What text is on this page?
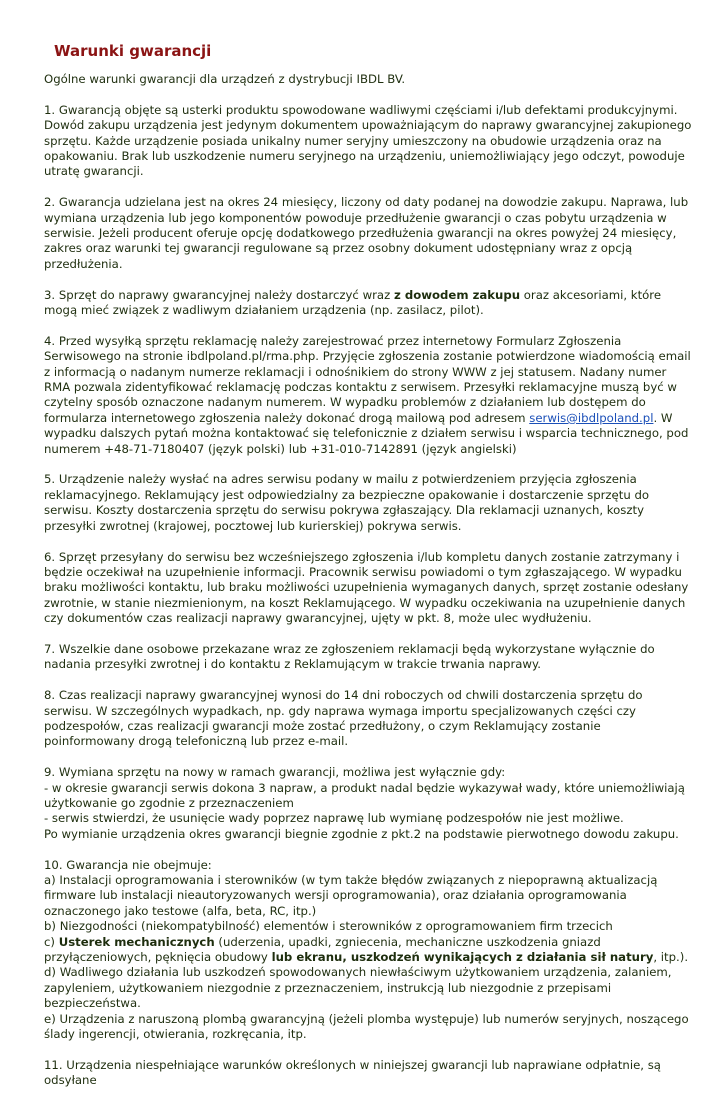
Warunki gwarancji

Ogólne warunki gwarancji dla urządzeń z dystrybucji IBDL BV.

1. Gwarancją objęte są usterki produktu spowodowane wadliwymi częściami i/lub defektami produkcyjnymi. Dowód zakupu urządzenia jest jedynym dokumentem upoważniającym do naprawy gwarancyjnej zakupionego sprzętu. Każde urządzenie posiada unikalny numer seryjny umieszczony na obudowie urządzenia oraz na opakowaniu. Brak lub uszkodzenie numeru seryjnego na urządzeniu, uniemożliwiający jego odczyt, powoduje utratę gwarancji.

2. Gwarancja udzielana jest na okres 24 miesięcy, liczony od daty podanej na dowodzie zakupu. Naprawa, lub wymiana urządzenia lub jego komponentów powoduje przedłużenie gwarancji o czas pobytu urządzenia w serwisie. Jeżeli producent oferuje opcję dodatkowego przedłużenia gwarancji na okres powyżej 24 miesięcy, zakres oraz warunki tej gwarancji regulowane są przez osobny dokument udostępniany wraz z opcją przedłużenia.

3. Sprzęt do naprawy gwarancyjnej należy dostarczyć wraz z dowodem zakupu oraz akcesoriami, które mogą mieć związek z wadliwym działaniem urządzenia (np. zasilacz, pilot).

4. Przed wysyłką sprzętu reklamację należy zarejestrować przez internetowy Formularz Zgłoszenia Serwisowego na stronie ibdlpoland.pl/rma.php. Przyjęcie zgłoszenia zostanie potwierdzone wiadomością email z informacją o nadanym numerze reklamacji i odnośnikiem do strony WWW z jej statusem. Nadany numer RMA pozwala zidentyfikować reklamację podczas kontaktu z serwisem. Przesyłki reklamacyjne muszą być w czytelny sposób oznaczone nadanym numerem. W wypadku problemów z działaniem lub dostępem do formularza internetowego zgłoszenia należy dokonać drogą mailową pod adresem serwis@ibdlpoland.pl. W wypadku dalszych pytań można kontaktować się telefonicznie z działem serwisu i wsparcia technicznego, pod numerem +48-71-7180407 (język polski) lub +31-010-7142891 (język angielski)

5. Urządzenie należy wysłać na adres serwisu podany w mailu z potwierdzeniem przyjęcia zgłoszenia reklamacyjnego. Reklamujący jest odpowiedzialny za bezpieczne opakowanie i dostarczenie sprzętu do serwisu. Koszty dostarczenia sprzętu do serwisu pokrywa zgłaszający. Dla reklamacji uznanych, koszty przesyłki zwrotnej (krajowej, pocztowej lub kurierskiej) pokrywa serwis.

6. Sprzęt przesyłany do serwisu bez wcześniejszego zgłoszenia i/lub kompletu danych zostanie zatrzymany i będzie oczekiwał na uzupełnienie informacji. Pracownik serwisu powiadomi o tym zgłaszającego. W wypadku braku możliwości kontaktu, lub braku możliwości uzupełnienia wymaganych danych, sprzęt zostanie odesłany zwrotnie, w stanie niezmienionym, na koszt Reklamującego. W wypadku oczekiwania na uzupełnienie danych czy dokumentów czas realizacji naprawy gwarancyjnej, ujęty w pkt. 8, może ulec wydłużeniu.

7. Wszelkie dane osobowe przekazane wraz ze zgłoszeniem reklamacji będą wykorzystane wyłącznie do nadania przesyłki zwrotnej i do kontaktu z Reklamującym w trakcie trwania naprawy.

8. Czas realizacji naprawy gwarancyjnej wynosi do 14 dni roboczych od chwili dostarczenia sprzętu do serwisu. W szczególnych wypadkach, np. gdy naprawa wymaga importu specjalizowanych części czy podzespołów, czas realizacji gwarancji może zostać przedłużony, o czym Reklamujący zostanie poinformowany drogą telefoniczną lub przez e-mail.

9. Wymiana sprzętu na nowy w ramach gwarancji, możliwa jest wyłącznie gdy:
- w okresie gwarancji serwis dokona 3 napraw, a produkt nadal będzie wykazywał wady, które uniemożliwiają użytkowanie go zgodnie z przeznaczeniem
- serwis stwierdzi, że usunięcie wady poprzez naprawę lub wymianę podzespołów nie jest możliwe.
Po wymianie urządzenia okres gwarancji biegnie zgodnie z pkt.2 na podstawie pierwotnego dowodu zakupu.

10. Gwarancja nie obejmuje:
a) Instalacji oprogramowania i sterowników (w tym także błędów związanych z niepoprawną aktualizacją firmware lub instalacji nieautoryzowanych wersji oprogramowania), oraz działania oprogramowania oznaczonego jako testowe (alfa, beta, RC, itp.)
b) Niezgodności (niekompatybilność) elementów i sterowników z oprogramowaniem firm trzecich
c) Usterek mechanicznych (uderzenia, upadki, zgniecenia, mechaniczne uszkodzenia gniazd przyłączeniowych, pęknięcia obudowy lub ekranu, uszkodzeń wynikających z działania sił natury, itp.).
d) Wadliwego działania lub uszkodzeń spowodowanych niewłaściwym użytkowaniem urządzenia, zalaniem, zapyleniem, użytkowaniem niezgodnie z przeznaczeniem, instrukcją lub niezgodnie z przepisami bezpieczeństwa.
e) Urządzenia z naruszoną plombą gwarancyjną (jeżeli plomba występuje) lub numerów seryjnych, noszącego ślady ingerencji, otwierania, rozkręcania, itp.

11. Urządzenia niespełniające warunków określonych w niniejszej gwarancji lub naprawiane odpłatnie, są odsyłane
